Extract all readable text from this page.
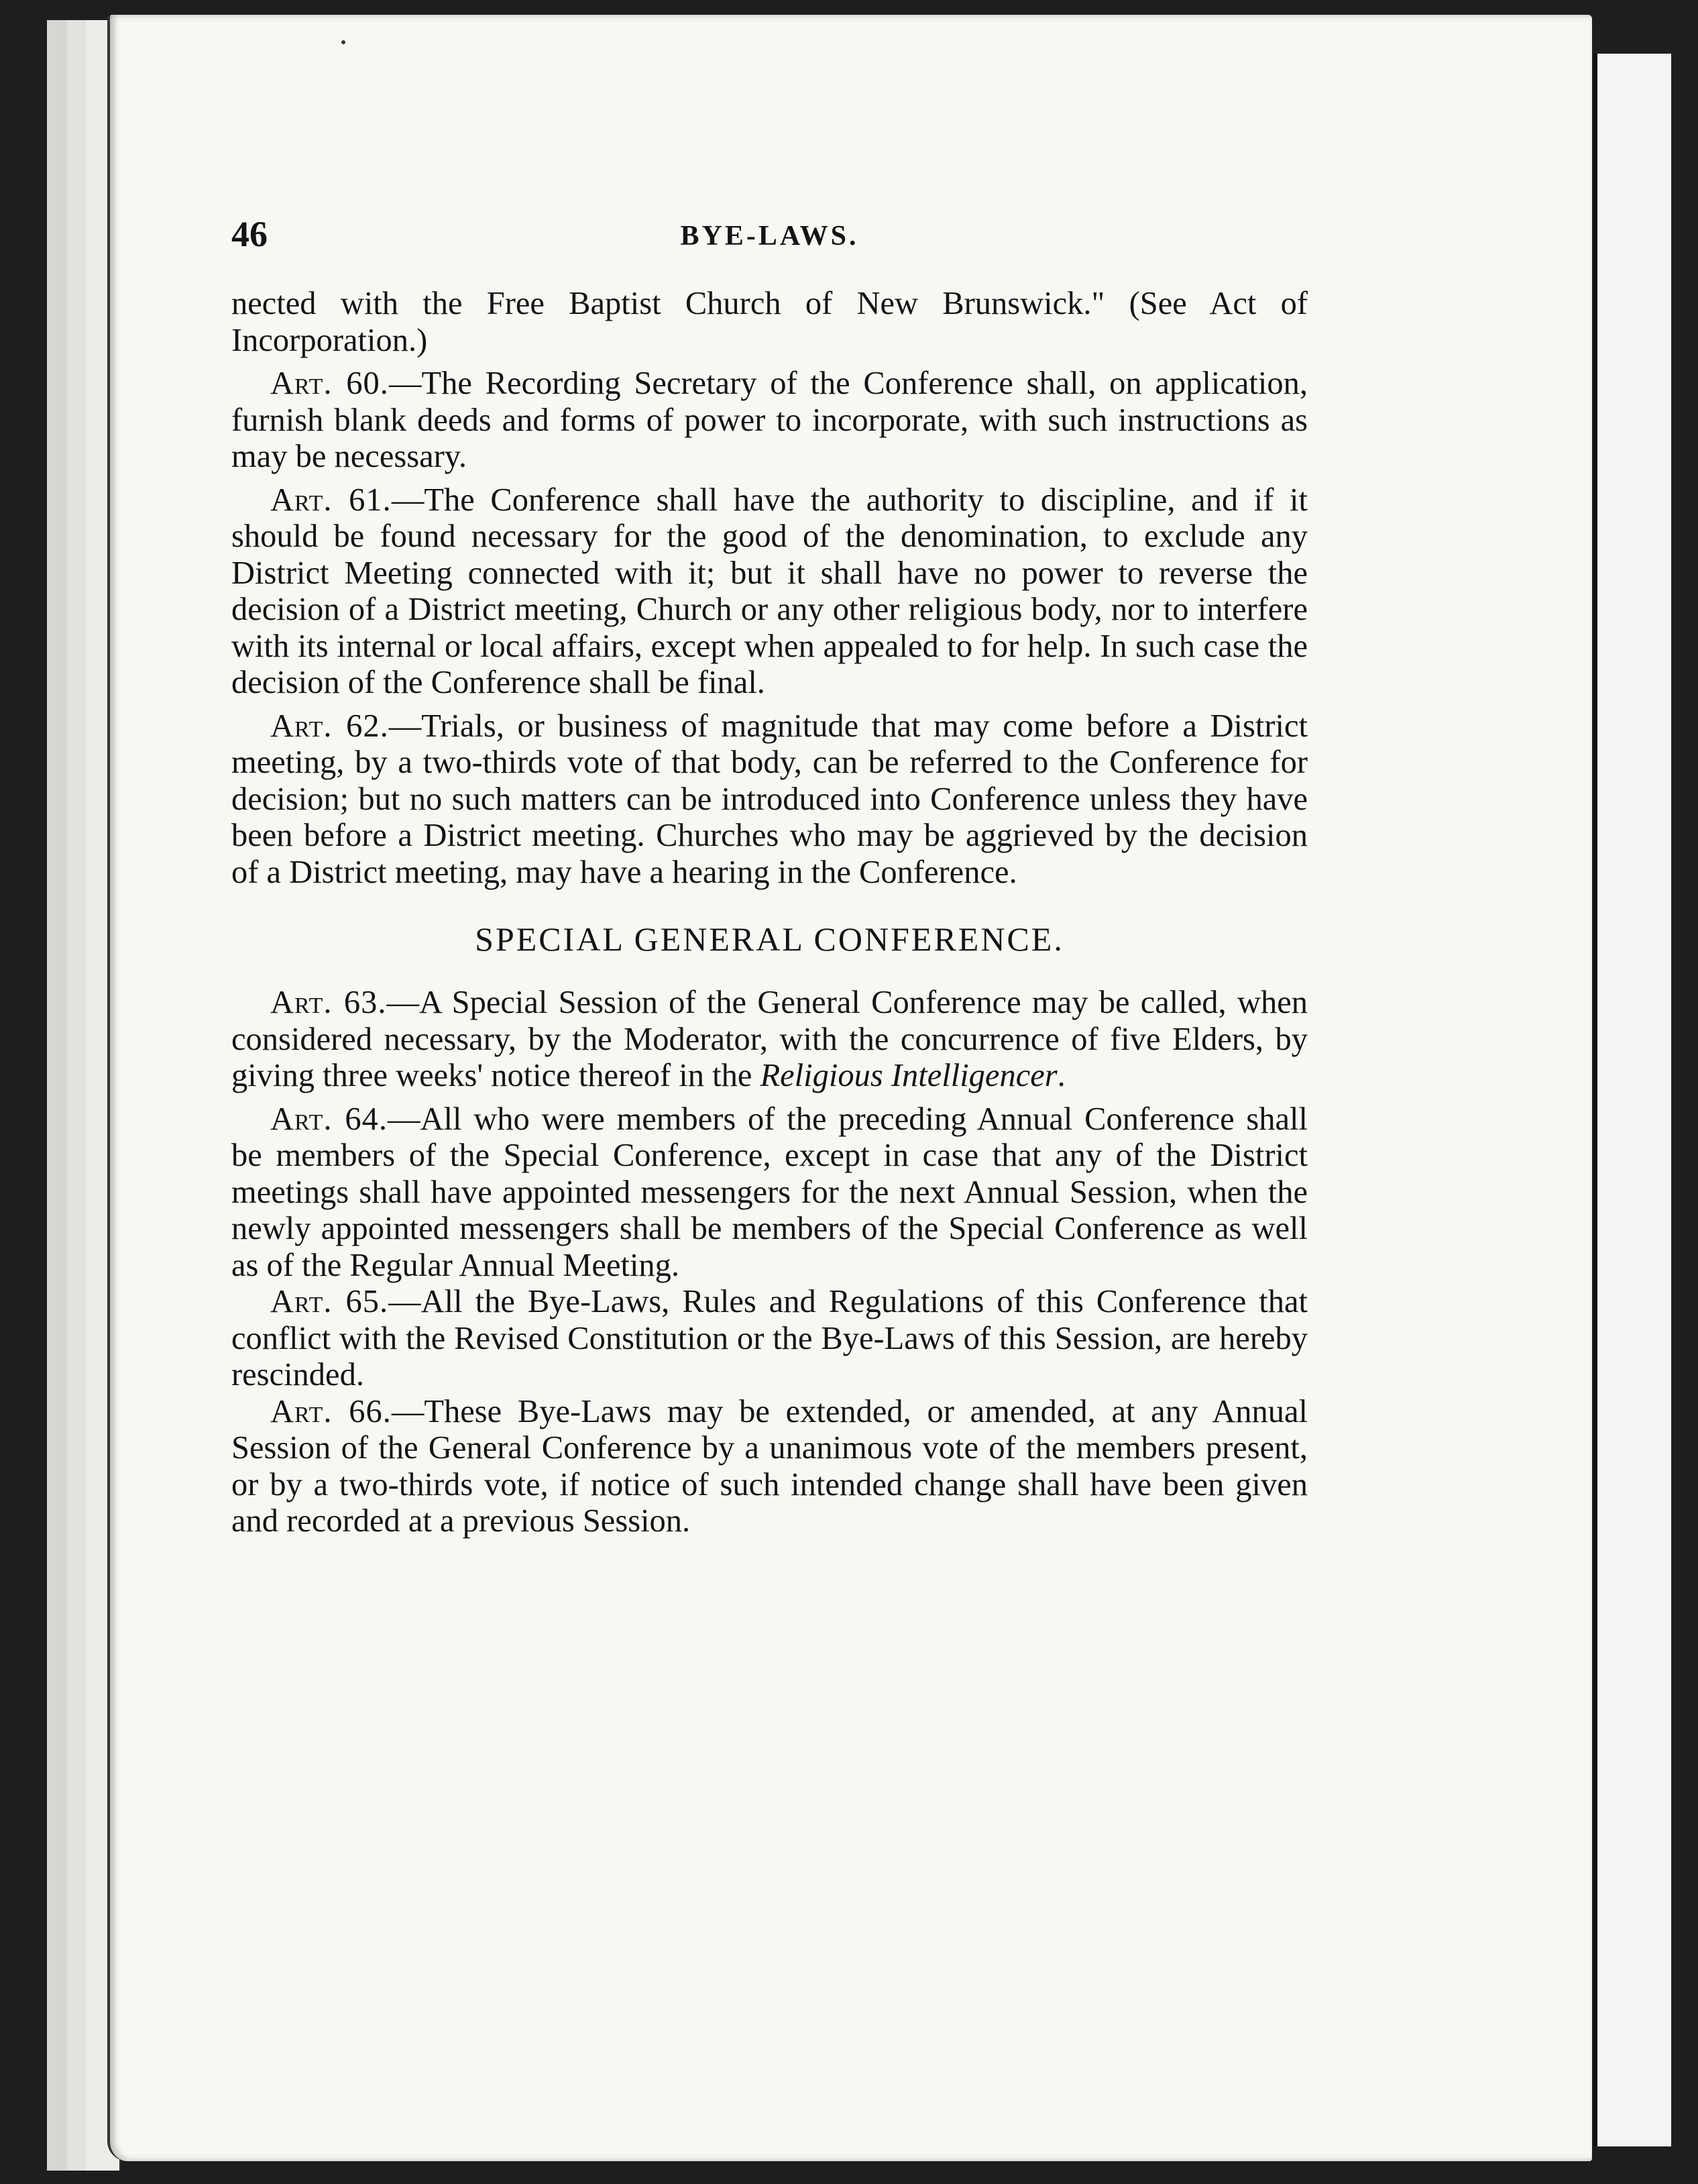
46	BYE-LAWS.

nected with the Free Baptist Church of New Brunswick." (See Act of Incorporation.)

Art. 60.—The Recording Secretary of the Conference shall, on application, furnish blank deeds and forms of power to incorporate, with such instructions as may be necessary.

Art. 61.—The Conference shall have the authority to discipline, and if it should be found necessary for the good of the denomination, to exclude any District Meeting connected with it; but it shall have no power to reverse the decision of a District meeting, Church or any other religious body, nor to interfere with its internal or local affairs, except when appealed to for help. In such case the decision of the Conference shall be final.

Art. 62.—Trials, or business of magnitude that may come before a District meeting, by a two-thirds vote of that body, can be referred to the Conference for decision; but no such matters can be introduced into Conference unless they have been before a District meeting. Churches who may be aggrieved by the decision of a District meeting, may have a hearing in the Conference.

SPECIAL GENERAL CONFERENCE.

Art. 63.—A Special Session of the General Conference may be called, when considered necessary, by the Moderator, with the concurrence of five Elders, by giving three weeks' notice thereof in the Religious Intelligencer.

Art. 64.—All who were members of the preceding Annual Conference shall be members of the Special Conference, except in case that any of the District meetings shall have appointed messengers for the next Annual Session, when the newly appointed messengers shall be members of the Special Conference as well as of the Regular Annual Meeting.

Art. 65.—All the Bye-Laws, Rules and Regulations of this Conference that conflict with the Revised Constitution or the Bye-Laws of this Session, are hereby rescinded.

Art. 66.—These Bye-Laws may be extended, or amended, at any Annual Session of the General Conference by a unanimous vote of the members present, or by a two-thirds vote, if notice of such intended change shall have been given and recorded at a previous Session.
